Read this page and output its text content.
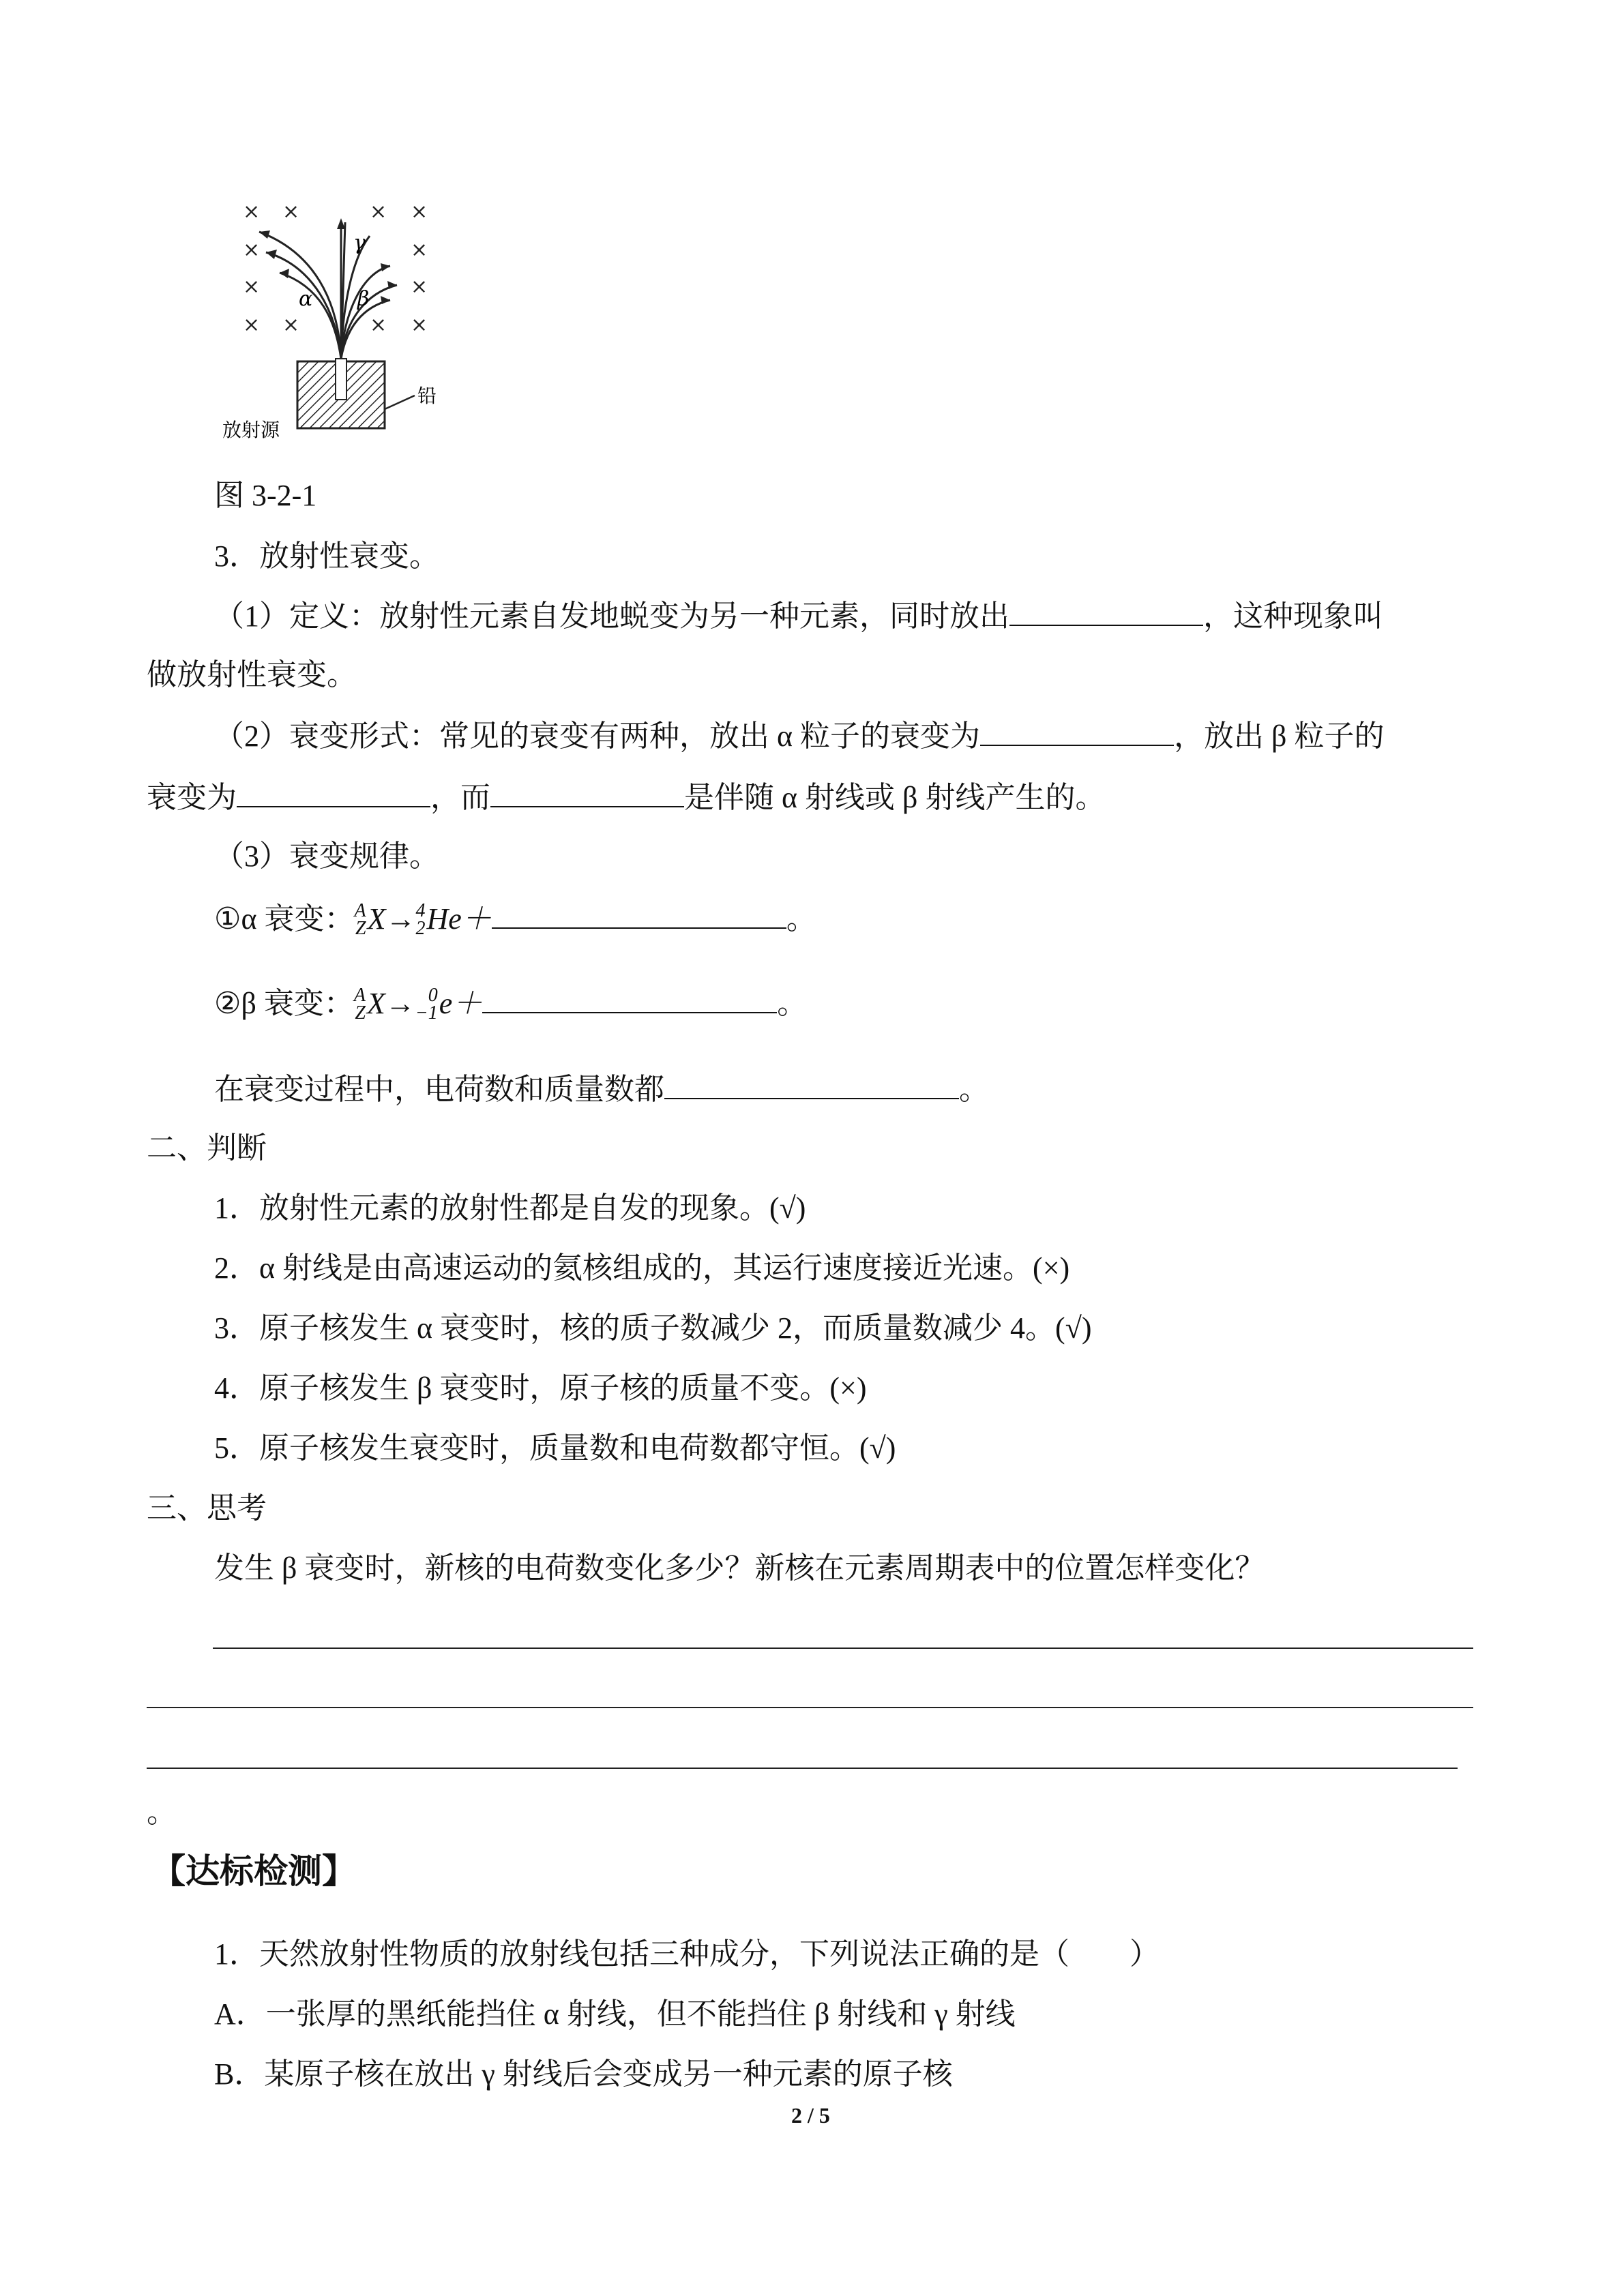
× ×	× ×
×	×
×	×
× ×	× ×
γ
α β
铅
放射源
图 3-2-1
3．放射性衰变。
（1）定义：放射性元素自发地蜕变为另一种元素，同时放出	，这种现象叫
做放射性衰变。
（2）衰变形式：常见的衰变有两种，放出 α 粒子的衰变为	，放出 β 粒子的
衰变为	，而	是伴随 α 射线或 β 射线产生的。
（3）衰变规律。
①α 衰变： A
Z X→ 4
2 He＋	。
②β 衰变： A
Z X→ 0
−1 e＋	。
在衰变过程中，电荷数和质量数都	。
二、判断
1．放射性元素的放射性都是自发的现象。(√)
2．α 射线是由高速运动的氦核组成的，其运行速度接近光速。(×)
3．原子核发生 α 衰变时，核的质子数减少 2，而质量数减少 4。(√)
4．原子核发生 β 衰变时，原子核的质量不变。(×)
5．原子核发生衰变时，质量数和电荷数都守恒。(√)
三、思考
发生 β 衰变时，新核的电荷数变化多少？新核在元素周期表中的位置怎样变化？
。
【达标检测】
1．天然放射性物质的放射线包括三种成分，下列说法正确的是（　　）
A．一张厚的黑纸能挡住 α 射线，但不能挡住 β 射线和 γ 射线
B．某原子核在放出 γ 射线后会变成另一种元素的原子核
2 / 5
